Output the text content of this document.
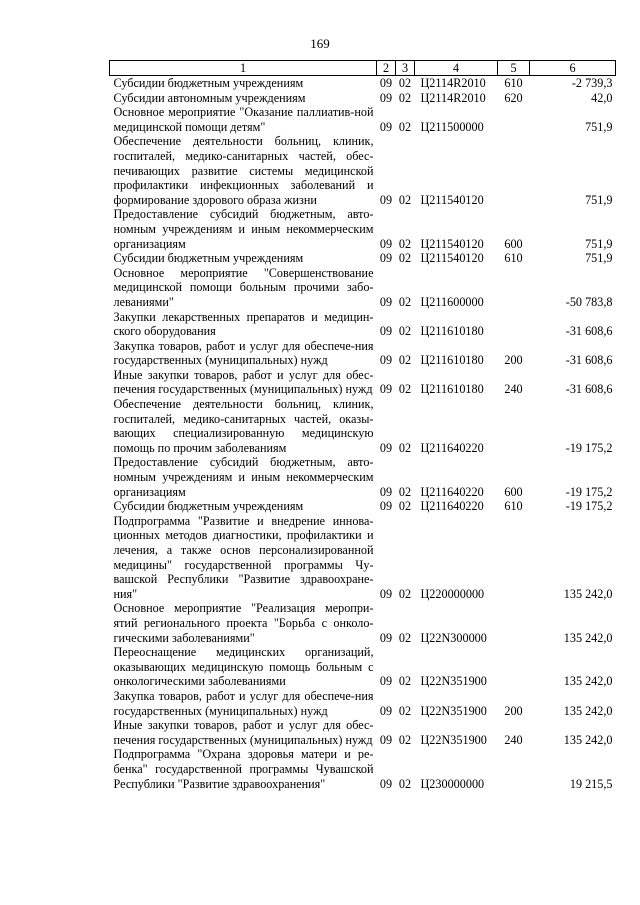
169
1	2	3	4	5	6
Субсидии бюджетным учреждениям	09	02	Ц2114R2010	610	-2 739,3
Субсидии автономным учреждениям	09	02	Ц2114R2010	620	42,0
Основное мероприятие "Оказание паллиатив-ной медицинской помощи детям"	09	02	Ц211500000		751,9
Обеспечение деятельности больниц, клиник, госпиталей, медико-санитарных частей, обес-печивающих развитие системы медицинской профилактики инфекционных заболеваний и формирование здорового образа жизни	09	02	Ц211540120		751,9
Предоставление субсидий бюджетным, авто-номным учреждениям и иным некоммерческим организациям	09	02	Ц211540120	600	751,9
Субсидии бюджетным учреждениям	09	02	Ц211540120	610	751,9
Основное мероприятие "Совершенствование медицинской помощи больным прочими забо-леваниями"	09	02	Ц211600000		-50 783,8
Закупки лекарственных препаратов и медицин-ского оборудования	09	02	Ц211610180		-31 608,6
Закупка товаров, работ и услуг для обеспече-ния государственных (муниципальных) нужд	09	02	Ц211610180	200	-31 608,6
Иные закупки товаров, работ и услуг для обес-печения государственных (муниципальных) нужд	09	02	Ц211610180	240	-31 608,6
Обеспечение деятельности больниц, клиник, госпиталей, медико-санитарных частей, оказы-вающих специализированную медицинскую помощь по прочим заболеваниям	09	02	Ц211640220		-19 175,2
Предоставление субсидий бюджетным, авто-номным учреждениям и иным некоммерческим организациям	09	02	Ц211640220	600	-19 175,2
Субсидии бюджетным учреждениям	09	02	Ц211640220	610	-19 175,2
Подпрограмма "Развитие и внедрение иннова-ционных методов диагностики, профилактики и лечения, а также основ персонализированной медицины" государственной программы Чу-вашской Республики "Развитие здравоохране-ния"	09	02	Ц220000000		135 242,0
Основное мероприятие "Реализация меропри-ятий регионального проекта "Борьба с онколо-гическими заболеваниями"	09	02	Ц22N300000		135 242,0
Переоснащение медицинских организаций, оказывающих медицинскую помощь больным с онкологическими заболеваниями	09	02	Ц22N351900		135 242,0
Закупка товаров, работ и услуг для обеспече-ния государственных (муниципальных) нужд	09	02	Ц22N351900	200	135 242,0
Иные закупки товаров, работ и услуг для обес-печения государственных (муниципальных) нужд	09	02	Ц22N351900	240	135 242,0
Подпрограмма "Охрана здоровья матери и ре-бенка" государственной программы Чувашской Республики "Развитие здравоохранения"	09	02	Ц230000000		19 215,5
